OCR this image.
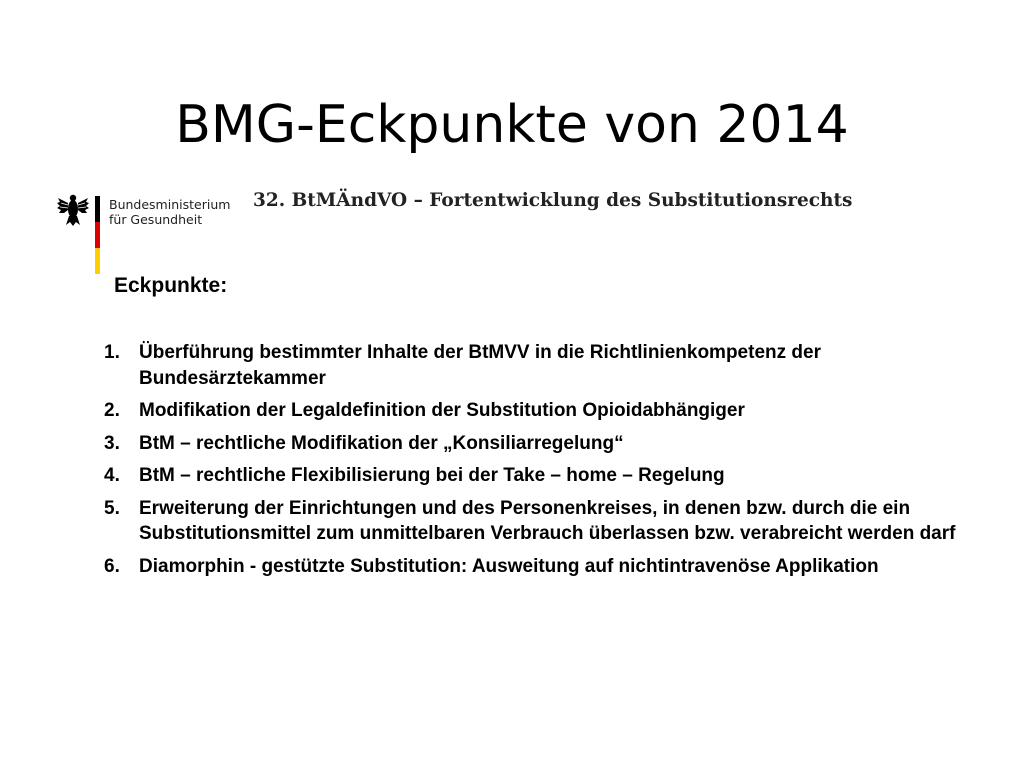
BMG-Eckpunkte von 2014
Bundesministerium
für Gesundheit
32. BtMÄndVO – Fortentwicklung des Substitutionsrechts
Eckpunkte:
1. Überführung bestimmter Inhalte der BtMVV in die Richtlinienkompetenz der Bundesärztekammer
2. Modifikation der Legaldefinition der Substitution Opioidabhängiger
3. BtM – rechtliche Modifikation der „Konsiliarregelung“
4. BtM – rechtliche Flexibilisierung bei der Take – home – Regelung
5. Erweiterung der Einrichtungen und des Personenkreises, in denen bzw. durch die ein Substitutionsmittel zum unmittelbaren Verbrauch überlassen bzw. verabreicht werden darf
6. Diamorphin - gestützte Substitution: Ausweitung auf nichtintravenöse Applikation
